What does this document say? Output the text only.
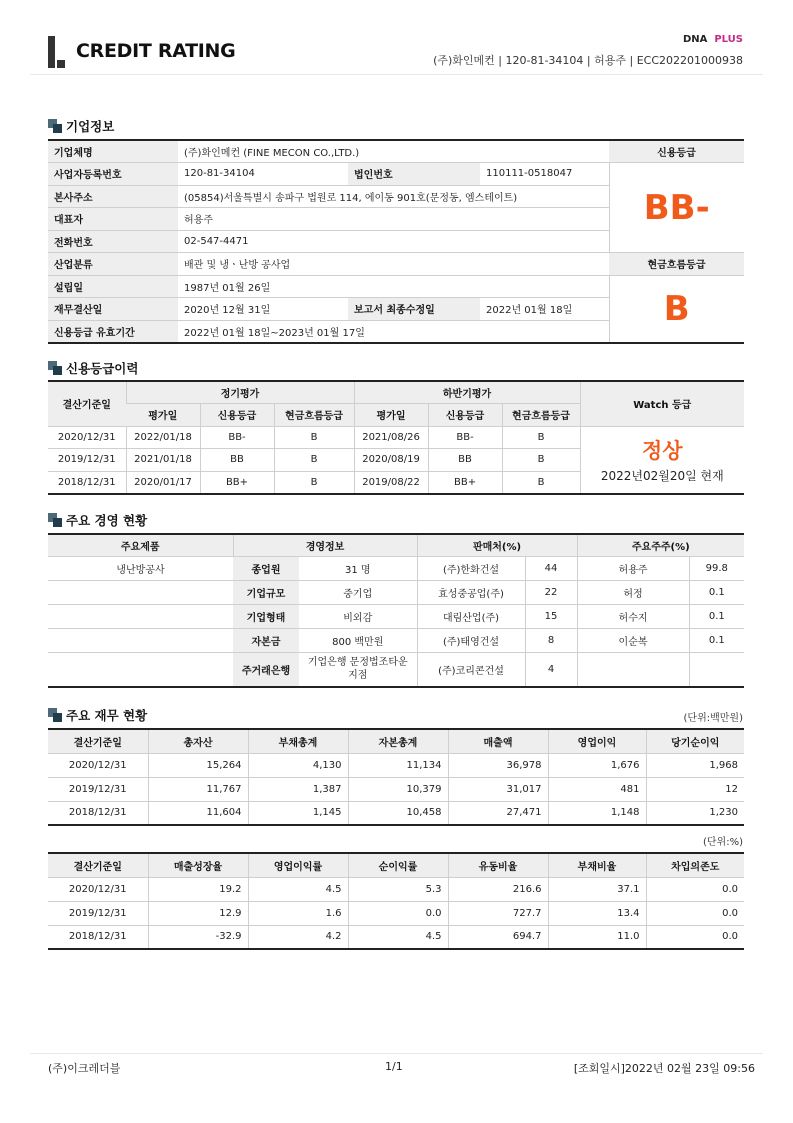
CREDIT RATING
DNA PLUS
(주)화인메컨 | 120-81-34104 | 허용주 | ECC202201000938
기업정보
기업체명	(주)화인메컨 (FINE MECON CO.,LTD.)			신용등급
사업자등록번호	120-81-34104	법인번호	110111-0518047	BB-
본사주소	(05854)서울특별시 송파구 법원로 114, 에이동 901호(문정동, 엠스테이트)			
대표자	허용주			
전화번호	02-547-4471			
산업분류	배관 및 냉ㆍ난방 공사업			현금흐름등급
설립일	1987년 01월 26일			B
재무결산일	2020년 12월 31일	보고서 최종수정일	2022년 01월 18일	
신용등급 유효기간	2022년 01월 18일~2023년 01월 17일			
신용등급이력
결산기준일	정기평가			하반기평가			Watch 등급
	평가일	신용등급	현금흐름등급	평가일	신용등급	현금흐름등급	
2020/12/31	2022/01/18	BB-	B	2021/08/26	BB-	B	정상
2022년02월20일 현재

2019/12/31	2021/01/18	BB	B	2020/08/19	BB	B	
2018/12/31	2020/01/17	BB+	B	2019/08/22	BB+	B	
주요 경영 현황
주요제품	경영정보		판매처(%)		주요주주(%)	
냉난방공사	종업원	31 명	(주)한화건설	44	허용주	99.8
	기업규모	중기업	효성중공업(주)	22	허정	0.1
	기업형태	비외감	대림산업(주)	15	허수지	0.1
	자본금	800 백만원	(주)태영건설	8	이순복	0.1
	주거래은행	기업은행 문정법조타운지점	(주)코리콘건설	4		
주요 재무 현황	(단위:백만원)
결산기준일	총자산	부채총계	자본총계	매출액	영업이익	당기순이익
2020/12/31	15,264	4,130	11,134	36,978	1,676	1,968
2019/12/31	11,767	1,387	10,379	31,017	481	12
2018/12/31	11,604	1,145	10,458	27,471	1,148	1,230
(단위:%)
결산기준일	매출성장율	영업이익률	순이익률	유동비율	부채비율	차입의존도
2020/12/31	19.2	4.5	5.3	216.6	37.1	0.0
2019/12/31	12.9	1.6	0.0	727.7	13.4	0.0
2018/12/31	-32.9	4.2	4.5	694.7	11.0	0.0
(주)이크레더블	1/1	[조회일시]2022년 02월 23일 09:56
